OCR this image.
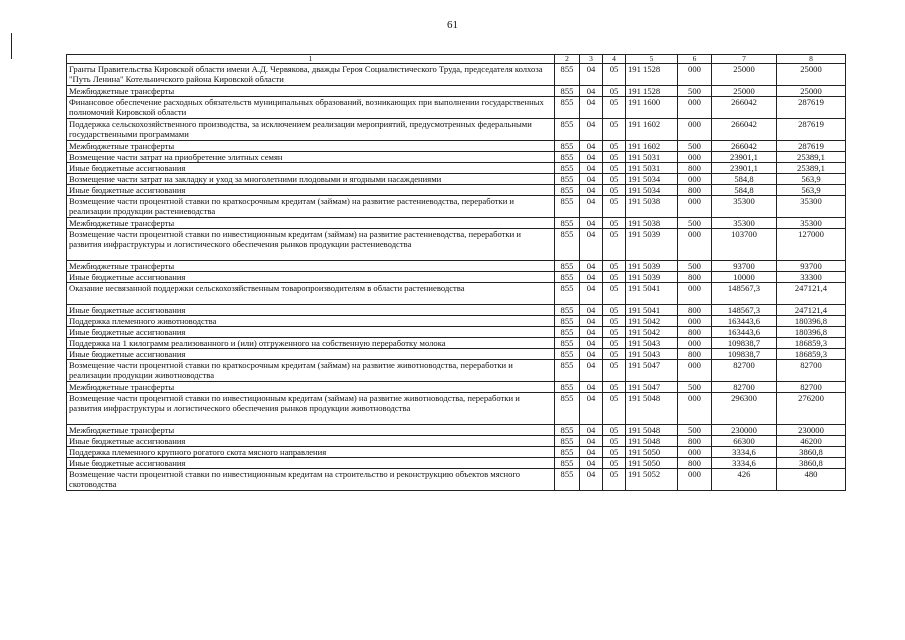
61
1	2	3	4	5	6	7	8
Гранты Правительства Кировской области имени А.Д. Червякова, дважды Героя Социалистического Труда, председателя колхоза "Путь Ленина" Котельничского района Кировской области	855	04	05	191 1528	000	25000	25000
Межбюджетные трансферты	855	04	05	191 1528	500	25000	25000
Финансовое обеспечение расходных обязательств муниципальных образований, возникающих при выполнении государственных полномочий Кировской области	855	04	05	191 1600	000	266042	287619
Поддержка сельскохозяйственного производства, за исключением реализации мероприятий, предусмотренных федеральными государственными программами	855	04	05	191 1602	000	266042	287619
Межбюджетные трансферты	855	04	05	191 1602	500	266042	287619
Возмещение части затрат на приобретение элитных семян	855	04	05	191 5031	000	23901,1	25389,1
Иные бюджетные ассигнования	855	04	05	191 5031	800	23901,1	25389,1
Возмещение части затрат на закладку и уход за многолетними плодовыми и ягодными насаждениями	855	04	05	191 5034	000	584,8	563,9
Иные бюджетные ассигнования	855	04	05	191 5034	800	584,8	563,9
Возмещение части процентной ставки по краткосрочным кредитам (займам) на развитие растениеводства, переработки и реализации продукции растениеводства	855	04	05	191 5038	000	35300	35300
Межбюджетные трансферты	855	04	05	191 5038	500	35300	35300
Возмещение части процентной ставки по инвестиционным кредитам (займам) на развитие растениеводства, переработки и развития инфраструктуры и логистического обеспечения рынков продукции растениеводства	855	04	05	191 5039	000	103700	127000
Межбюджетные трансферты	855	04	05	191 5039	500	93700	93700
Иные бюджетные ассигнования	855	04	05	191 5039	800	10000	33300
Оказание несвязанной поддержки сельскохозяйственным товаропроизводителям в области растениеводства	855	04	05	191 5041	000	148567,3	247121,4
Иные бюджетные ассигнования	855	04	05	191 5041	800	148567,3	247121,4
Поддержка племенного животноводства	855	04	05	191 5042	000	163443,6	180396,8
Иные бюджетные ассигнования	855	04	05	191 5042	800	163443,6	180396,8
Поддержка на 1 килограмм реализованного и (или) отгруженного на собственную переработку молока	855	04	05	191 5043	000	109838,7	186859,3
Иные бюджетные ассигнования	855	04	05	191 5043	800	109838,7	186859,3
Возмещение части процентной ставки по краткосрочным кредитам (займам) на развитие животноводства, переработки и реализации продукции животноводства	855	04	05	191 5047	000	82700	82700
Межбюджетные трансферты	855	04	05	191 5047	500	82700	82700
Возмещение части процентной ставки по инвестиционным кредитам (займам) на развитие животноводства, переработки и развития инфраструктуры и логистического обеспечения рынков продукции животноводства	855	04	05	191 5048	000	296300	276200
Межбюджетные трансферты	855	04	05	191 5048	500	230000	230000
Иные бюджетные ассигнования	855	04	05	191 5048	800	66300	46200
Поддержка племенного крупного рогатого скота мясного направления	855	04	05	191 5050	000	3334,6	3860,8
Иные бюджетные ассигнования	855	04	05	191 5050	800	3334,6	3860,8
Возмещение части процентной ставки по инвестиционным кредитам на строительство и реконструкцию объектов мясного скотоводства	855	04	05	191 5052	000	426	480
